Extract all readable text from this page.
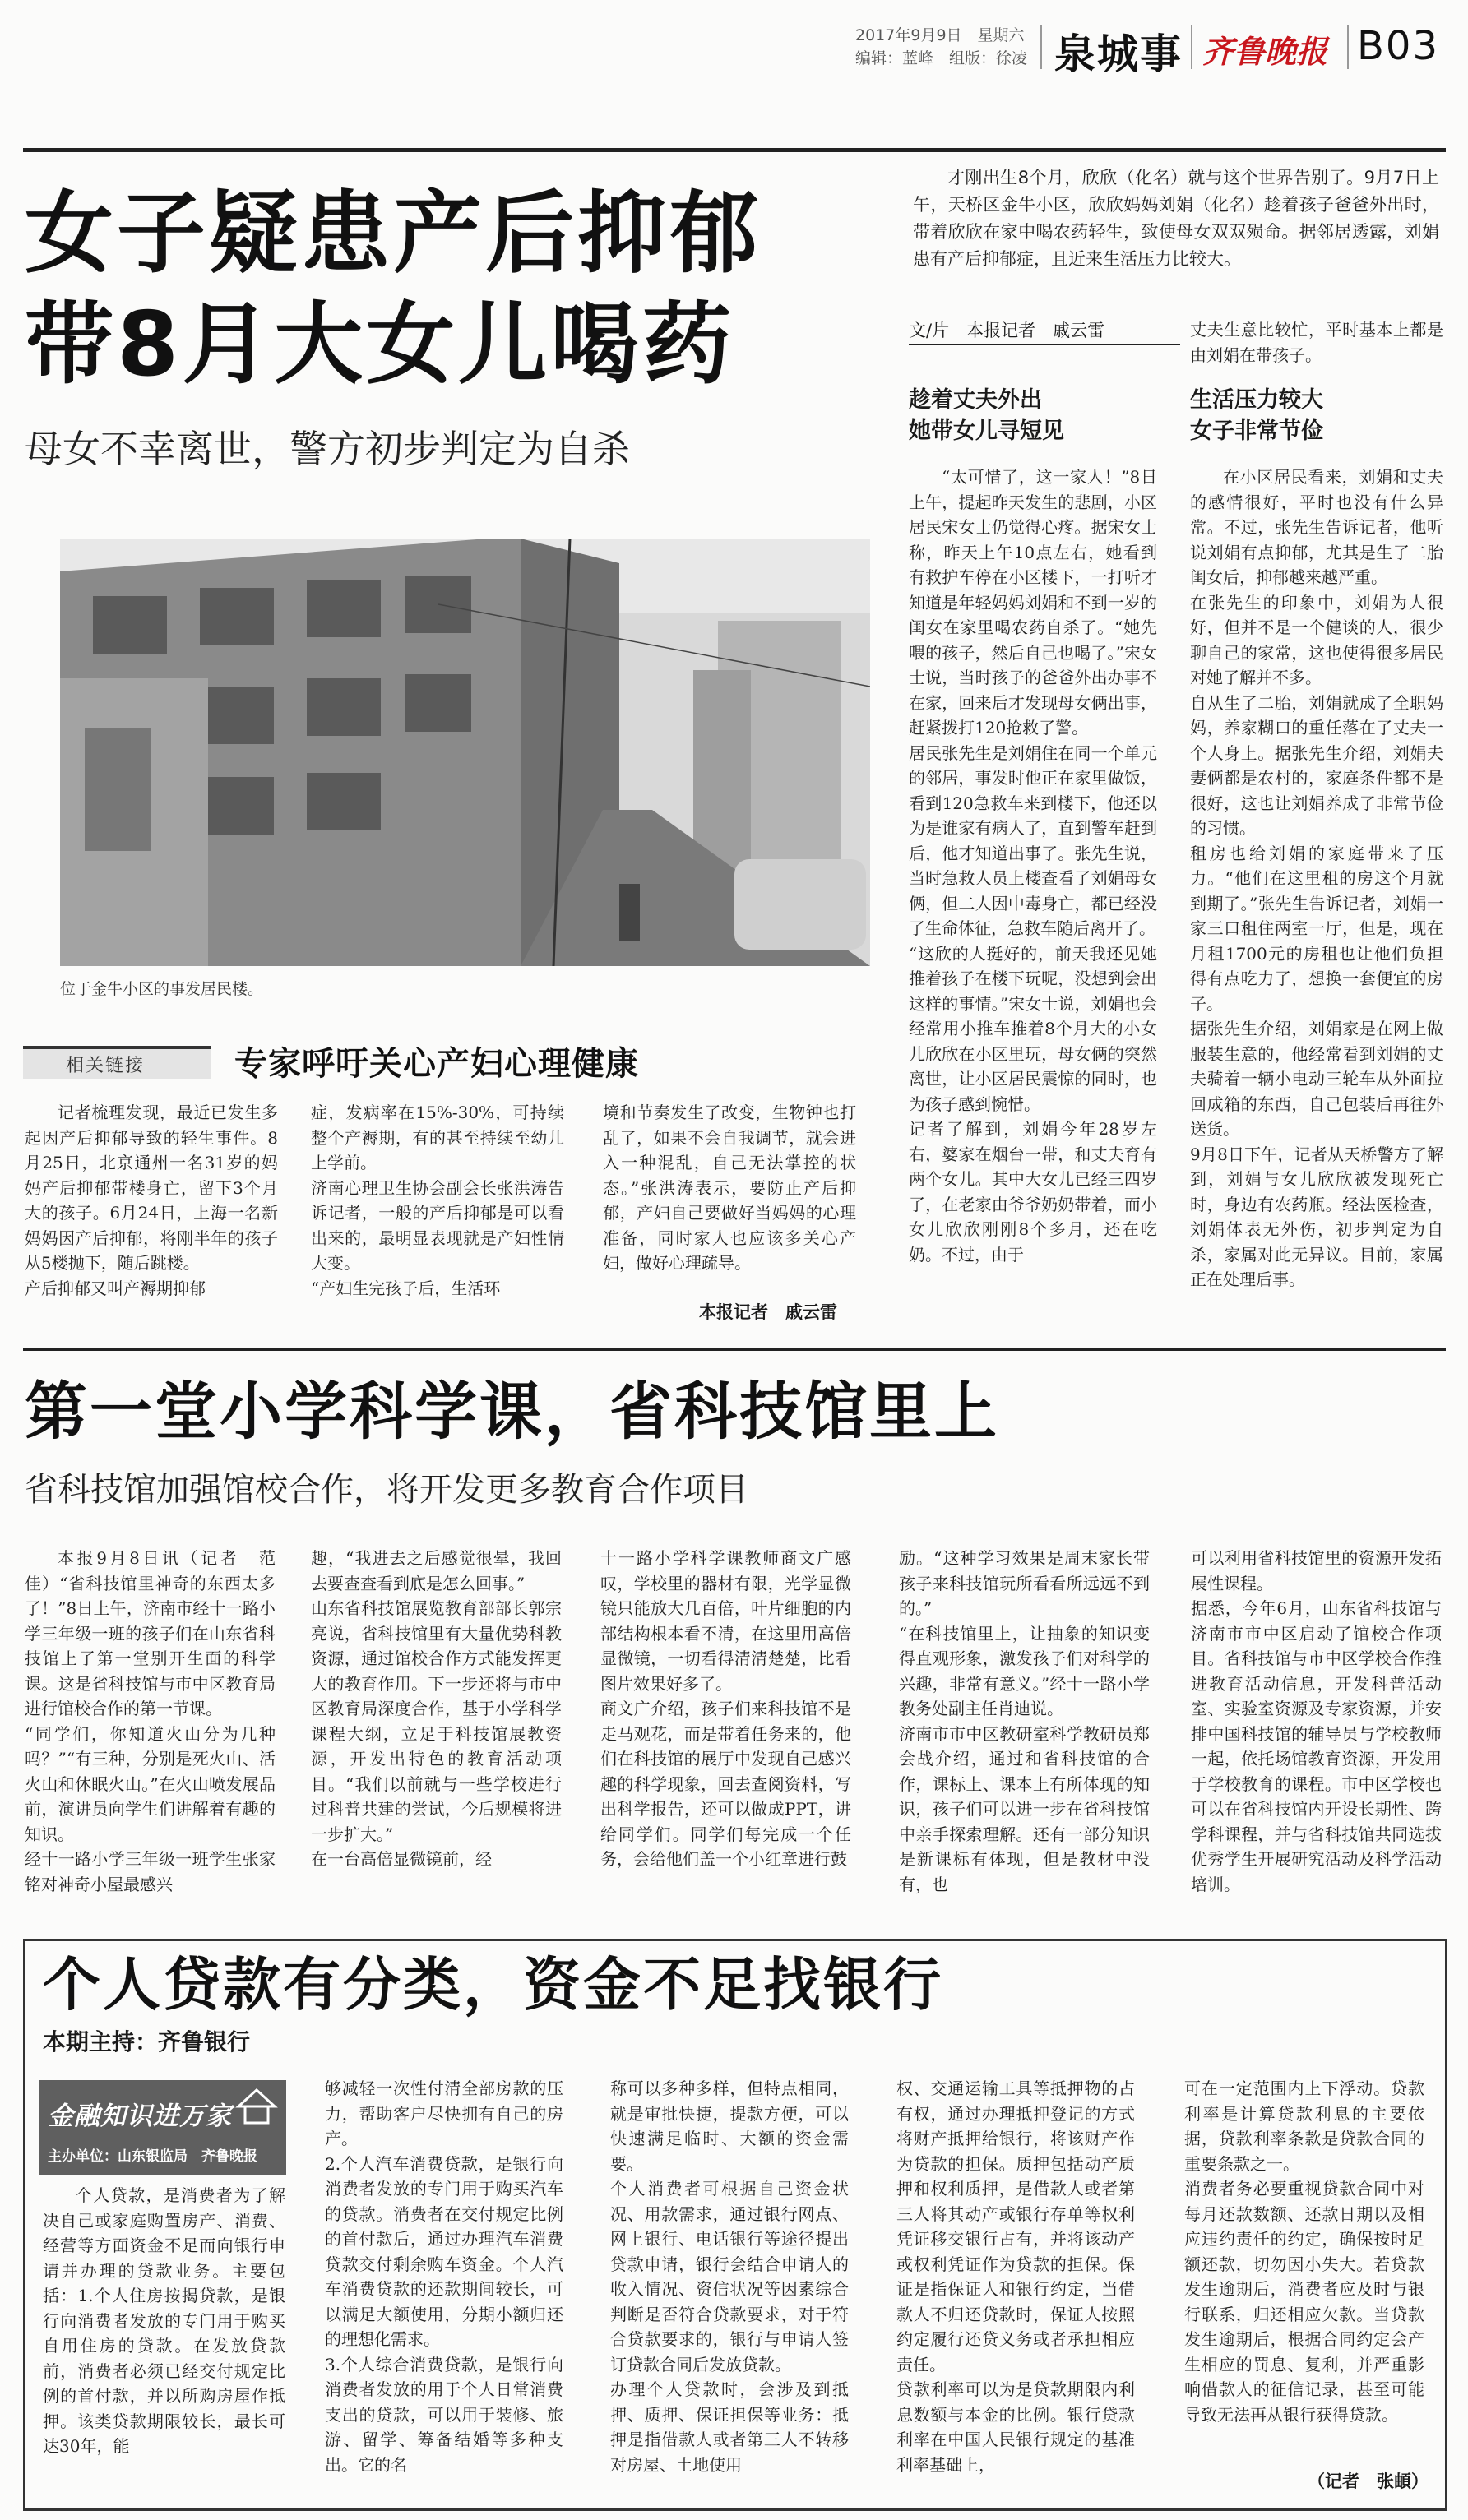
2017年9月9日　星期六
编辑：蓝峰　组版：徐凌 泉城事 齐鲁晚报 B03
女子疑患产后抑郁
带8月大女儿喝药
母女不幸离世，警方初步判定为自杀
才刚出生8个月，欣欣（化名）就与这个世界告别了。9月7日上午，天桥区金牛小区，欣欣妈妈刘娟（化名）趁着孩子爸爸外出时，带着欣欣在家中喝农药轻生，致使母女双双殒命。据邻居透露，刘娟患有产后抑郁症，且近来生活压力比较大。
文/片　本报记者　戚云雷
位于金牛小区的事发居民楼。
趁着丈夫外出
她带女儿寻短见
“太可惜了，这一家人！”8日上午，提起昨天发生的悲剧，小区居民宋女士仍觉得心疼。据宋女士称，昨天上午10点左右，她看到有救护车停在小区楼下，一打听才知道是年轻妈妈刘娟和不到一岁的闺女在家里喝农药自杀了。“她先喂的孩子，然后自己也喝了。”宋女士说，当时孩子的爸爸外出办事不在家，回来后才发现母女俩出事，赶紧拨打120抢救了警。
居民张先生是刘娟住在同一个单元的邻居，事发时他正在家里做饭，看到120急救车来到楼下，他还以为是谁家有病人了，直到警车赶到后，他才知道出事了。张先生说，当时急救人员上楼查看了刘娟母女俩，但二人因中毒身亡，都已经没了生命体征，急救车随后离开了。
“这欣的人挺好的，前天我还见她推着孩子在楼下玩呢，没想到会出这样的事情。”宋女士说，刘娟也会经常用小推车推着8个月大的小女儿欣欣在小区里玩，母女俩的突然离世，让小区居民震惊的同时，也为孩子感到惋惜。
记者了解到，刘娟今年28岁左右，婆家在烟台一带，和丈夫育有两个女儿。其中大女儿已经三四岁了，在老家由爷爷奶奶带着，而小女儿欣欣刚刚8个多月，还在吃奶。不过，由于
丈夫生意比较忙，平时基本上都是由刘娟在带孩子。
生活压力较大
女子非常节俭
在小区居民看来，刘娟和丈夫的感情很好，平时也没有什么异常。不过，张先生告诉记者，他听说刘娟有点抑郁，尤其是生了二胎闺女后，抑郁越来越严重。
在张先生的印象中，刘娟为人很好，但并不是一个健谈的人，很少聊自己的家常，这也使得很多居民对她了解并不多。
自从生了二胎，刘娟就成了全职妈妈，养家糊口的重任落在了丈夫一个人身上。据张先生介绍，刘娟夫妻俩都是农村的，家庭条件都不是很好，这也让刘娟养成了非常节俭的习惯。
租房也给刘娟的家庭带来了压力。“他们在这里租的房这个月就到期了。”张先生告诉记者，刘娟一家三口租住两室一厅，但是，现在月租1700元的房租也让他们负担得有点吃力了，想换一套便宜的房子。
据张先生介绍，刘娟家是在网上做服装生意的，他经常看到刘娟的丈夫骑着一辆小电动三轮车从外面拉回成箱的东西，自己包装后再往外送货。
9月8日下午，记者从天桥警方了解到，刘娟与女儿欣欣被发现死亡时，身边有农药瓶。经法医检查，刘娟体表无外伤，初步判定为自杀，家属对此无异议。目前，家属正在处理后事。
相关链接	专家呼吁关心产妇心理健康
记者梳理发现，最近已发生多起因产后抑郁导致的轻生事件。8月25日，北京通州一名31岁的妈妈产后抑郁带楼身亡，留下3个月大的孩子。6月24日，上海一名新妈妈因产后抑郁，将刚半年的孩子从5楼抛下，随后跳楼。
产后抑郁又叫产褥期抑郁
症，发病率在15%-30%，可持续整个产褥期，有的甚至持续至幼儿上学前。
济南心理卫生协会副会长张洪涛告诉记者，一般的产后抑郁是可以看出来的，最明显表现就是产妇性情大变。
“产妇生完孩子后，生活环
境和节奏发生了改变，生物钟也打乱了，如果不会自我调节，就会进入一种混乱，自己无法掌控的状态。”张洪涛表示，要防止产后抑郁，产妇自己要做好当妈妈的心理准备，同时家人也应该多关心产妇，做好心理疏导。
本报记者　戚云雷
第一堂小学科学课，省科技馆里上
省科技馆加强馆校合作，将开发更多教育合作项目
本报9月8日讯（记者　范佳）“省科技馆里神奇的东西太多了！”8日上午，济南市经十一路小学三年级一班的孩子们在山东省科技馆上了第一堂别开生面的科学课。这是省科技馆与市中区教育局进行馆校合作的第一节课。
“同学们，你知道火山分为几种吗？”“有三种，分别是死火山、活火山和休眠火山。”在火山喷发展品前，演讲员向学生们讲解着有趣的知识。
经十一路小学三年级一班学生张家铭对神奇小屋最感兴
趣，“我进去之后感觉很晕，我回去要查查看到底是怎么回事。”
山东省科技馆展览教育部部长郭宗亮说，省科技馆里有大量优势科教资源，通过馆校合作方式能发挥更大的教育作用。下一步还将与市中区教育局深度合作，基于小学科学课程大纲，立足于科技馆展教资源，开发出特色的教育活动项目。“我们以前就与一些学校进行过科普共建的尝试，今后规模将进一步扩大。”
在一台高倍显微镜前，经
十一路小学科学课教师商文广感叹，学校里的器材有限，光学显微镜只能放大几百倍，叶片细胞的内部结构根本看不清，在这里用高倍显微镜，一切看得清清楚楚，比看图片效果好多了。
商文广介绍，孩子们来科技馆不是走马观花，而是带着任务来的，他们在科技馆的展厅中发现自己感兴趣的科学现象，回去查阅资料，写出科学报告，还可以做成PPT，讲给同学们。同学们每完成一个任务，会给他们盖一个小红章进行鼓
励。“这种学习效果是周末家长带孩子来科技馆玩所看看所远远不到的。”
“在科技馆里上，让抽象的知识变得直观形象，激发孩子们对科学的兴趣，非常有意义。”经十一路小学教务处副主任肖迪说。
济南市市中区教研室科学教研员郑会战介绍，通过和省科技馆的合作，课标上、课本上有所体现的知识，孩子们可以进一步在省科技馆中亲手探索理解。还有一部分知识是新课标有体现，但是教材中没有，也
可以利用省科技馆里的资源开发拓展性课程。
据悉，今年6月，山东省科技馆与济南市市中区启动了馆校合作项目。省科技馆与市中区学校合作推进教育活动信息，开发科普活动室、实验室资源及专家资源，并安排中国科技馆的辅导员与学校教师一起，依托场馆教育资源，开发用于学校教育的课程。市中区学校也可以在省科技馆内开设长期性、跨学科课程，并与省科技馆共同选拔优秀学生开展研究活动及科学活动培训。
个人贷款有分类，资金不足找银行
本期主持：齐鲁银行
金融知识进万家
主办单位：山东银监局　齐鲁晚报
个人贷款，是消费者为了解决自己或家庭购置房产、消费、经营等方面资金不足而向银行申请并办理的贷款业务。主要包括：1.个人住房按揭贷款，是银行向消费者发放的专门用于购买自用住房的贷款。在发放贷款前，消费者必须已经交付规定比例的首付款，并以所购房屋作抵押。该类贷款期限较长，最长可达30年，能
够减轻一次性付清全部房款的压力，帮助客户尽快拥有自己的房产。
2.个人汽车消费贷款，是银行向消费者发放的专门用于购买汽车的贷款。消费者在交付规定比例的首付款后，通过办理汽车消费贷款交付剩余购车资金。个人汽车消费贷款的还款期间较长，可以满足大额使用，分期小额归还的理想化需求。
3.个人综合消费贷款，是银行向消费者发放的用于个人日常消费支出的贷款，可以用于装修、旅游、留学、筹备结婚等多种支出。它的名
称可以多种多样，但特点相同，就是审批快捷，提款方便，可以快速满足临时、大额的资金需要。
个人消费者可根据自己资金状况、用款需求，通过银行网点、网上银行、电话银行等途径提出贷款申请，银行会结合申请人的收入情况、资信状况等因素综合判断是否符合贷款要求，对于符合贷款要求的，银行与申请人签订贷款合同后发放贷款。
办理个人贷款时，会涉及到抵押、质押、保证担保等业务：抵押是指借款人或者第三人不转移对房屋、土地使用
权、交通运输工具等抵押物的占有权，通过办理抵押登记的方式将财产抵押给银行，将该财产作为贷款的担保。质押包括动产质押和权利质押，是借款人或者第三人将其动产或银行存单等权利凭证移交银行占有，并将该动产或权利凭证作为贷款的担保。保证是指保证人和银行约定，当借款人不归还贷款时，保证人按照约定履行还贷义务或者承担相应责任。
贷款利率可以为是贷款期限内利息数额与本金的比例。银行贷款利率在中国人民银行规定的基准利率基础上，
可在一定范围内上下浮动。贷款利率是计算贷款利息的主要依据，贷款利率条款是贷款合同的重要条款之一。
消费者务必要重视贷款合同中对每月还款数额、还款日期以及相应违约责任的约定，确保按时足额还款，切勿因小失大。若贷款发生逾期后，消费者应及时与银行联系，归还相应欠款。当贷款发生逾期后，根据合同约定会产生相应的罚息、复利，并严重影响借款人的征信记录，甚至可能导致无法再从银行获得贷款。
（记者　张頔）
